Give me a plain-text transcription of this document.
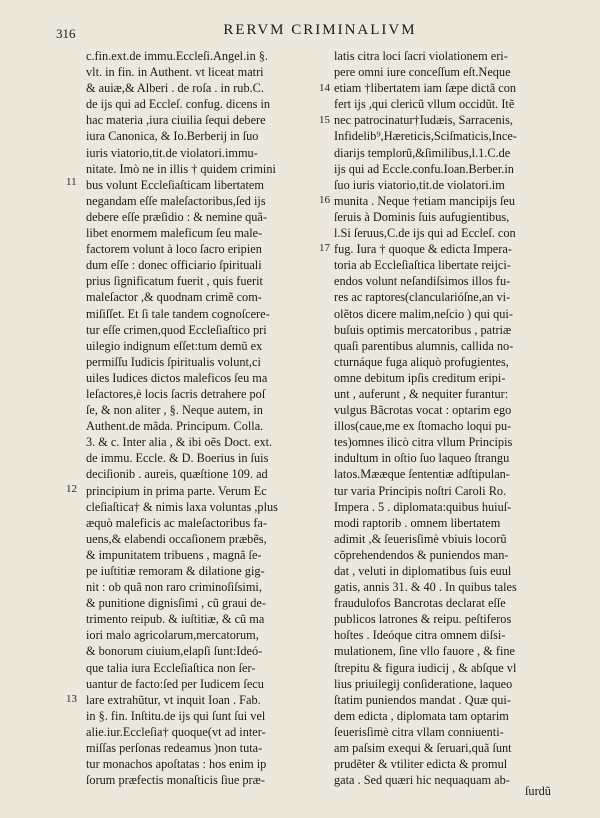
316	RERVM CRIMINALIVM
c.fin.ext.de immu.Eccleſi.Angel.in §.
vlt. in fin. in Authent. vt liceat matri
& auiæ,& Alberi . de roſa . in rub.C.
de ijs qui ad Eccleſ. confug. dicens in
hac materia ,iura ciuilia ſequi debere
iura Canonica, & Io.Berberij in ſuo
iuris viatorio,tit.de violatori.immu-
nitate. Imò ne in illis † quidem crimini
bus volunt Eccleſiaſticam libertatem
negandam eſſe maleſactoribus,ſed ijs
debere eſſe præſidio : & nemine quã-
libet enormem maleficum ſeu male-
factorem volunt à loco ſacro eripien
dum eſſe : donec officiario ſpirituali
prius ſignificatum fuerit , quis fuerit
maleſactor ,& quodnam crimẽ com-
miſiſſet. Et ſi tale tandem cognoſcere-
tur eſſe crimen,quod Eccleſiaſtico pri
uilegio indignum eſſet:tum demũ ex
permiſſu Iudicis ſpiritualis volunt,ci
uiles Iudices dictos maleficos ſeu ma
leſactores,è locis ſacris detrahere poſ
ſe, & non aliter , §. Neque autem, in
Authent.de mãda. Principum. Colla.
3. & c. Inter alia , & ibi oẽs Doct. ext.
de immu. Eccle. & D. Boerius in ſuis
deciſionib . aureis, quæſtione 109. ad
principium in prima parte. Verum Ec
cleſiaſtica† & nimis laxa voluntas ,plus
æquò maleficis ac maleſactoribus fa-
uens,& elabendi occaſionem præbẽs,
& impunitatem tribuens , magnã ſe-
pe iuſtitiæ remoram & dilatione gig-
nit : ob quã non raro criminoſiſsimi,
& punitione dignisſimi , cũ graui de-
trimento reipub. & iuſtitiæ, & cũ ma
iori malo agricolarum,mercatorum,
& bonorum ciuium,elapſi ſunt:Ideó-
que talia iura Eccleſiaſtica non ſer-
uantur de facto:ſed per Iudicem ſecu
lare extrahũtur, vt inquit Ioan . Fab.
in §. fin. Inſtitu.de ijs qui ſunt ſui vel
alie.iur.Eccleſia† quoque(vt ad inter-
miſſas perſonas redeamus )non tuta-
tur monachos apoſtatas : hos enim ip
ſorum præfectis monaſticis ſiue præ-
latis citra loci ſacri violationem eri-
pere omni iure conceſſum eſt.Neque
etiam †libertatem iam ſæpe dictã con
fert ijs ,qui clericũ vllum occidũt. Itẽ
nec patrocinatur†Iudæis, Sarracenis,
Infidelib⁹,Hæreticis,Sciſmaticis,Ince-
diarijs templorũ,&ſimilibus,l.1.C.de
ijs qui ad Eccle.confu.Ioan.Berber.in
ſuo iuris viatorio,tit.de violatori.im
munita . Neque †etiam mancipijs ſeu
ſeruis à Dominis ſuis aufugientibus,
l.Si ſeruus,C.de ijs qui ad Eccleſ. con
fug. Iura † quoque & edicta Impera-
toria ab Eccleſiaſtica libertate reijci-
endos volunt neſandiſsimos illos fu-
res ac raptores(clancularióſne,an vi-
olẽtos dicere malim,neſcio ) qui qui-
buſuis optimis mercatoribus , patriæ
quaſi parentibus alumnis, callida no-
cturnáque fuga aliquò profugientes,
omne debitum ipſis creditum eripi-
unt , auferunt , & nequiter furantur:
vulgus Bãcrotas vocat : optarim ego
illos(caue,me ex ſtomacho loqui pu-
tes)omnes ilicò citra vllum Principis
indultum in oſtio ſuo laqueo ſtrangu
latos.Mææque ſententiæ adſtipulan-
tur varia Principis noſtri Caroli Ro.
Impera . 5 . diplomata:quibus huiuſ-
modi raptorib . omnem libertatem
adimit ,& ſeuerisſimè vbiuis locorũ
cõprehendendos & puniendos man-
dat , veluti in diplomatibus ſuis euul
gatis, annis 31. & 40 . In quibus tales
fraudulofos Bancrotas declarat eſſe
publicos latrones & reipu. peſtiferos
hoſtes . Ideóque citra omnem diſsi-
mulationem, ſine vllo fauore , & fine
ſtrepitu & figura iudicij , & abſque vl
lius priuilegij conſideratione, laqueo
ſtatim puniendos mandat . Quæ qui-
dem edicta , diplomata tam optarim
ſeuerisſimè citra vllam conniuenti-
am paſsim exequi & ſeruari,quã ſunt
prudẽter & vtiliter edicta & promul
gata . Sed quæri hic nequaquam ab-
11
12
13
14
15
16
17
ſurdũ
